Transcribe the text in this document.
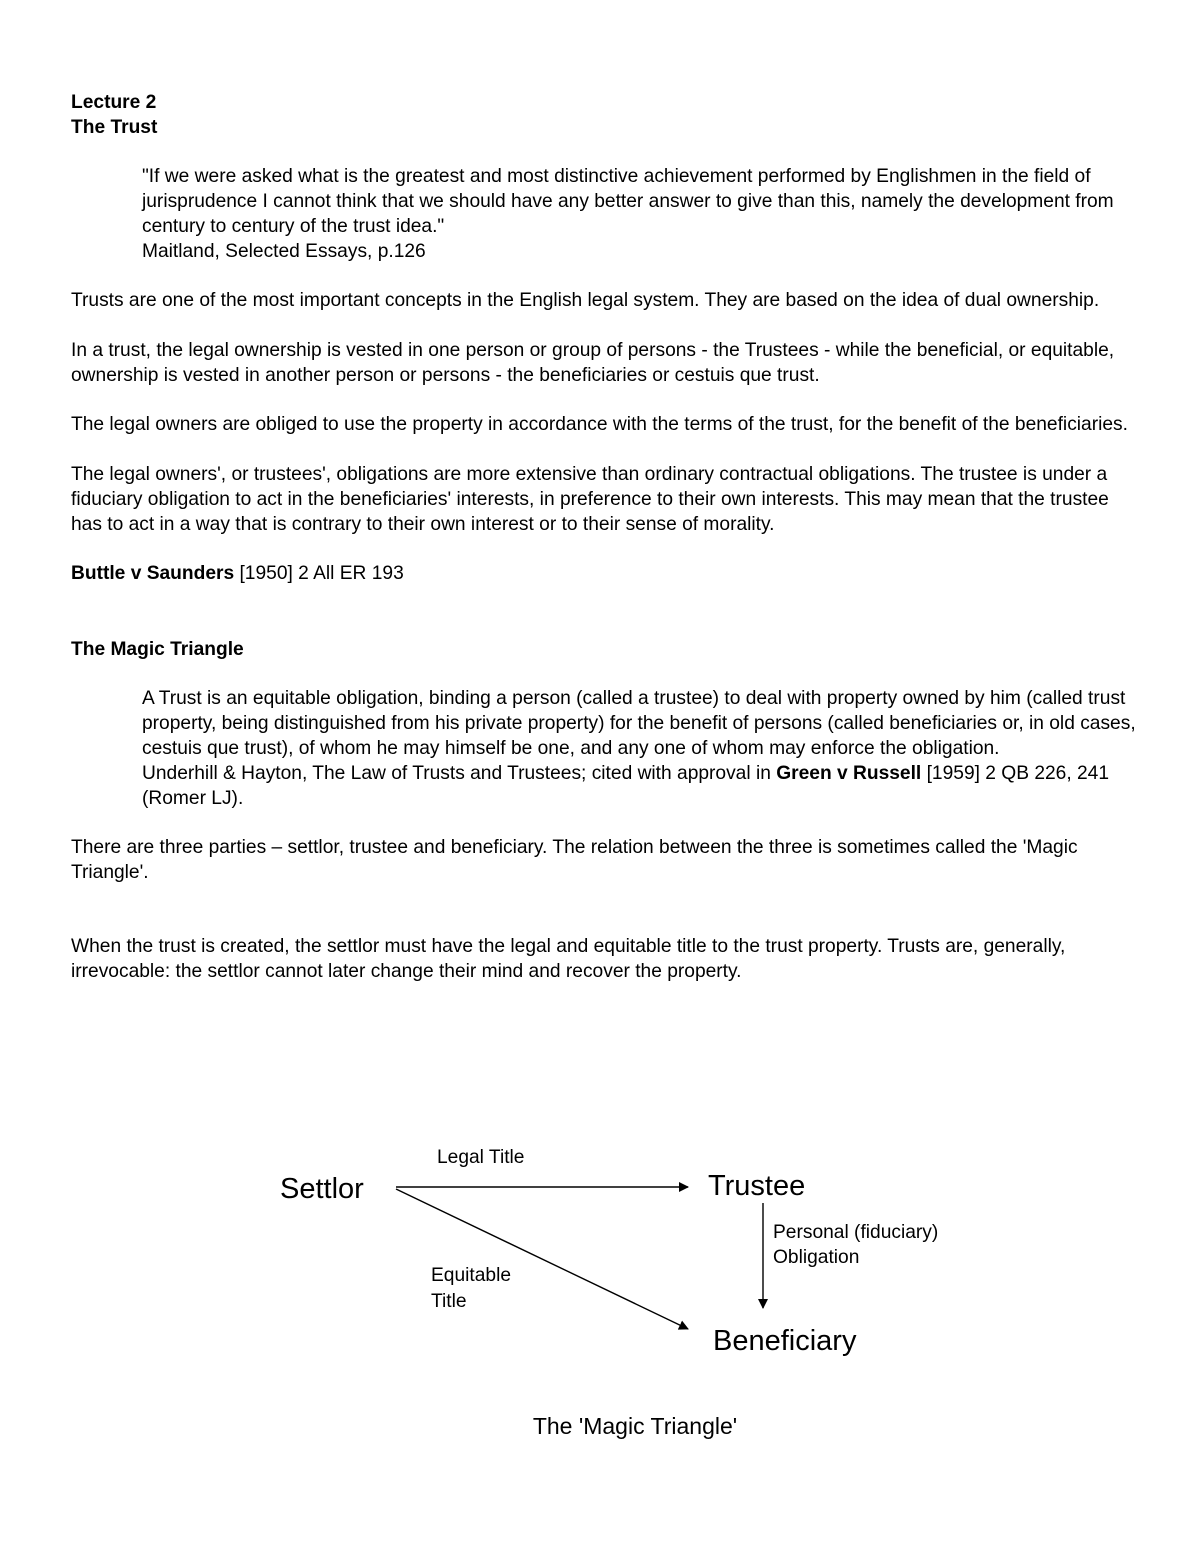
Lecture 2

The Trust

"If we were asked what is the greatest and most distinctive achievement performed by Englishmen in the field of jurisprudence I cannot think that we should have any better answer to give than this, namely the development from century to century of the trust idea."

Maitland, Selected Essays, p.126

Trusts are one of the most important concepts in the English legal system. They are based on the idea of dual ownership.

In a trust, the legal ownership is vested in one person or group of persons - the Trustees - while the beneficial, or equitable, ownership is vested in another person or persons - the beneficiaries or cestuis que trust.

The legal owners are obliged to use the property in accordance with the terms of the trust, for the benefit of the beneficiaries.

The legal owners', or trustees', obligations are more extensive than ordinary contractual obligations. The trustee is under a fiduciary obligation to act in the beneficiaries' interests, in preference to their own interests. This may mean that the trustee has to act in a way that is contrary to their own interest or to their sense of morality.

Buttle v Saunders [1950] 2 All ER 193

The Magic Triangle

A Trust is an equitable obligation, binding a person (called a trustee) to deal with property owned by him (called trust property, being distinguished from his private property) for the benefit of persons (called beneficiaries or, in old cases, cestuis que trust), of whom he may himself be one, and any one of whom may enforce the obligation.

Underhill & Hayton, The Law of Trusts and Trustees; cited with approval in Green v Russell [1959] 2 QB 226, 241 (Romer LJ).

There are three parties – settlor, trustee and beneficiary. The relation between the three is sometimes called the 'Magic Triangle'.

When the trust is created, the settlor must have the legal and equitable title to the trust property. Trusts are, generally, irrevocable: the settlor cannot later change their mind and recover the property.

Settlor	Trustee
Beneficiary
Legal Title
Personal (fiduciary)
Obligation
Equitable
Title
The 'Magic Triangle'
